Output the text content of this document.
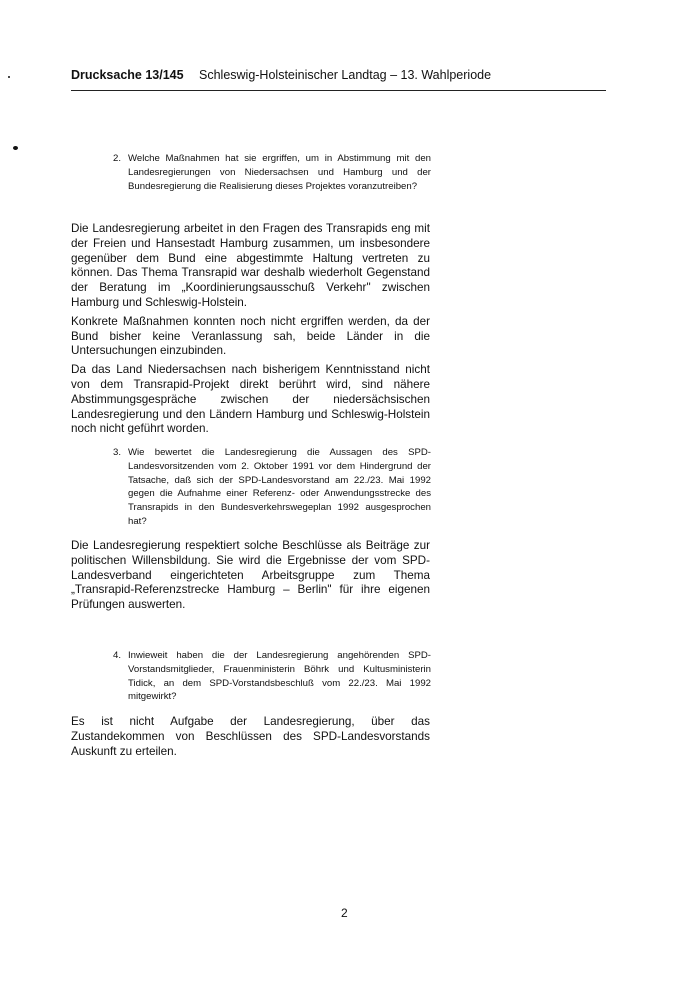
Drucksache 13/145 Schleswig-Holsteinischer Landtag – 13. Wahlperiode
2. Welche Maßnahmen hat sie ergriffen, um in Abstimmung mit den Landesregierungen von Niedersachsen und Hamburg und der Bundesregierung die Realisierung dieses Projektes voranzutreiben?

Die Landesregierung arbeitet in den Fragen des Transrapids eng mit der Freien und Hansestadt Hamburg zusammen, um insbesondere gegenüber dem Bund eine abgestimmte Haltung vertreten zu können. Das Thema Transrapid war deshalb wiederholt Gegenstand der Beratung im „Koordinierungsausschuß Verkehr" zwischen Hamburg und Schleswig-Holstein.

Konkrete Maßnahmen konnten noch nicht ergriffen werden, da der Bund bisher keine Veranlassung sah, beide Länder in die Untersuchungen einzubinden.

Da das Land Niedersachsen nach bisherigem Kenntnisstand nicht von dem Transrapid-Projekt direkt berührt wird, sind nähere Abstimmungsgespräche zwischen der niedersächsischen Landesregierung und den Ländern Hamburg und Schleswig-Holstein noch nicht geführt worden.

3. Wie bewertet die Landesregierung die Aussagen des SPD-Landesvorsitzenden vom 2. Oktober 1991 vor dem Hindergrund der Tatsache, daß sich der SPD-Landesvorstand am 22./23. Mai 1992 gegen die Aufnahme einer Referenz- oder Anwendungsstrecke des Transrapids in den Bundesverkehrswegeplan 1992 ausgesprochen hat?

Die Landesregierung respektiert solche Beschlüsse als Beiträge zur politischen Willensbildung. Sie wird die Ergebnisse der vom SPD-Landesverband eingerichteten Arbeitsgruppe zum Thema „Transrapid-Referenzstrecke Hamburg – Berlin" für ihre eigenen Prüfungen auswerten.

4. Inwieweit haben die der Landesregierung angehörenden SPD-Vorstandsmitglieder, Frauenministerin Böhrk und Kultusministerin Tidick, an dem SPD-Vorstandsbeschluß vom 22./23. Mai 1992 mitgewirkt?

Es ist nicht Aufgabe der Landesregierung, über das Zustandekommen von Beschlüssen des SPD-Landesvorstands Auskunft zu erteilen.

2
